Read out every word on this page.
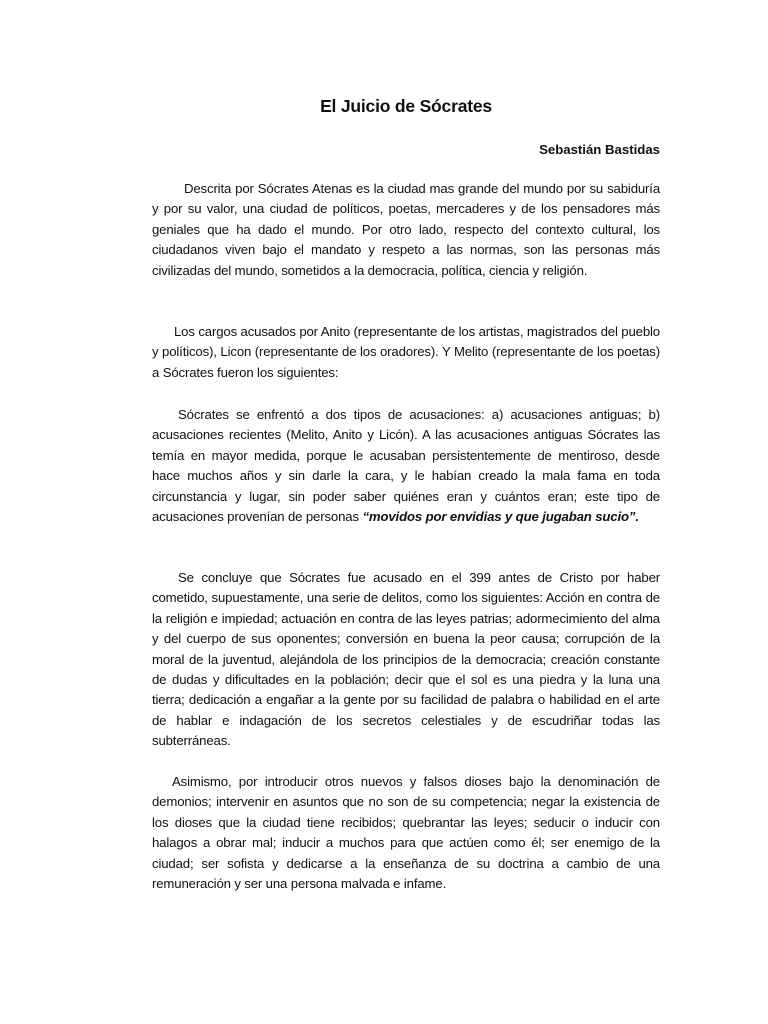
El Juicio de Sócrates
Sebastián Bastidas

Descrita por Sócrates Atenas es la ciudad mas grande del mundo por su sabiduría y por su valor, una ciudad de políticos, poetas, mercaderes y de los pensadores más geniales que ha dado el mundo. Por otro lado, respecto del contexto cultural, los ciudadanos viven bajo el mandato y respeto a las normas, son las personas más civilizadas del mundo, sometidos a la democracia, política, ciencia y religión.

Los cargos acusados por Anito (representante de los artistas, magistrados del pueblo y políticos), Licon (representante de los oradores). Y Melito (representante de los poetas) a Sócrates fueron los siguientes:

Sócrates se enfrentó a dos tipos de acusaciones: a) acusaciones antiguas; b) acusaciones recientes (Melito, Anito y Licón). A las acusaciones antiguas Sócrates las temía en mayor medida, porque le acusaban persistentemente de mentiroso, desde hace muchos años y sin darle la cara, y le habían creado la mala fama en toda circunstancia y lugar, sin poder saber quiénes eran y cuántos eran; este tipo de acusaciones provenían de personas “movidos por envidias y que jugaban sucio”.

Se concluye que Sócrates fue acusado en el 399 antes de Cristo por haber cometido, supuestamente, una serie de delitos, como los siguientes: Acción en contra de la religión e impiedad; actuación en contra de las leyes patrias; adormecimiento del alma y del cuerpo de sus oponentes; conversión en buena la peor causa; corrupción de la moral de la juventud, alejándola de los principios de la democracia; creación constante de dudas y dificultades en la población; decir que el sol es una piedra y la luna una tierra; dedicación a engañar a la gente por su facilidad de palabra o habilidad en el arte de hablar e indagación de los secretos celestiales y de escudriñar todas las subterráneas.

Asimismo, por introducir otros nuevos y falsos dioses bajo la denominación de demonios; intervenir en asuntos que no son de su competencia; negar la existencia de los dioses que la ciudad tiene recibidos; quebrantar las leyes; seducir o inducir con halagos a obrar mal; inducir a muchos para que actúen como él; ser enemigo de la ciudad; ser sofista y dedicarse a la enseñanza de su doctrina a cambio de una remuneración y ser una persona malvada e infame.
